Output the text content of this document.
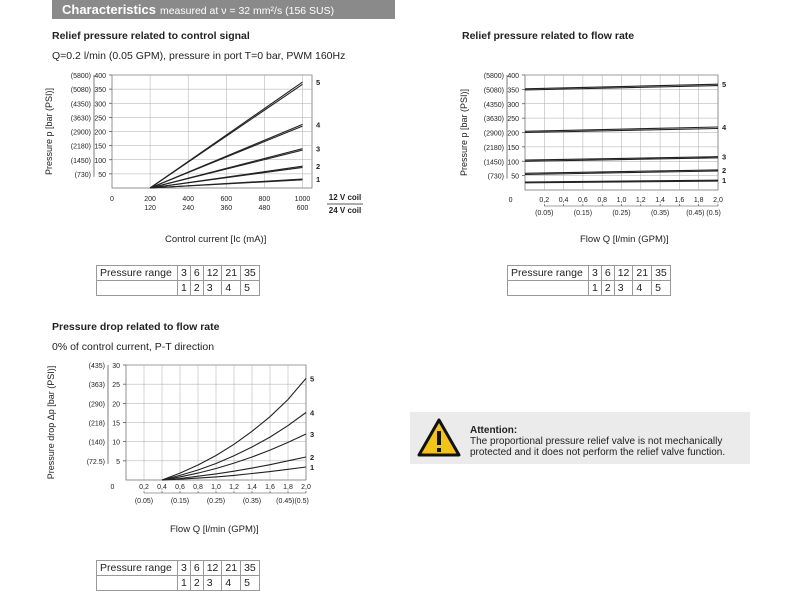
Characteristics measured at ν = 32 mm²/s (156 SUS)
Relief pressure related to control signal
Q=0.2 l/min (0.05 GPM), pressure in port T=0 bar, PWM 160Hz
50
(730)
100
(1450)
150
(2180)
200
(2900)
250
(3630)
300
(4350)
350
(5080)
400
(5800)
Pressure p [bar (PSI)]
0	200	400	600	800	1000
120	240	360	480	600
5
4
3
2
1
12 V coil
24 V coil
Control current [Ic (mA)]
Pressure range	3	6	12	21	35
	1	2	3	4	5
Relief pressure related to flow rate
50
(730)
100
(1450)
150
(2180)
200
(2900)
250
(3630)
300
(4350)
350
(5080)
400
(5800)
Pressure p [bar (PSI)]
0	0,2 0,4 0,6 0,8 1,0 1,2 1,4 1,6 1,8 2,0
(0.05)	(0.15)	(0.25)	(0.35) (0.45) (0.5)
5
4
3
2
1
Flow Q [l/min (GPM)]
Pressure range	3	6	12	21	35
	1	2	3	4	5
Pressure drop related to flow rate
0% of control current, P-T direction
5
(72.5)
10
(140)
15
(218)
20
(290)
25
(363)
30
(435)
Pressure drop Δp [bar (PSI)]
0	0,2 0,4 0,6 0,8 1,0 1,2 1,4 1,6 1,8 2,0
(0.05)	(0.15)	(0.25)	(0.35) (0.45)(0.5)
5
4
3
2
1
Flow Q [l/min (GPM)]
Pressure range	3	6	12	21	35
	1	2	3	4	5
Attention:
The proportional pressure relief valve is not mechanically protected and it does not perform the relief valve function.
